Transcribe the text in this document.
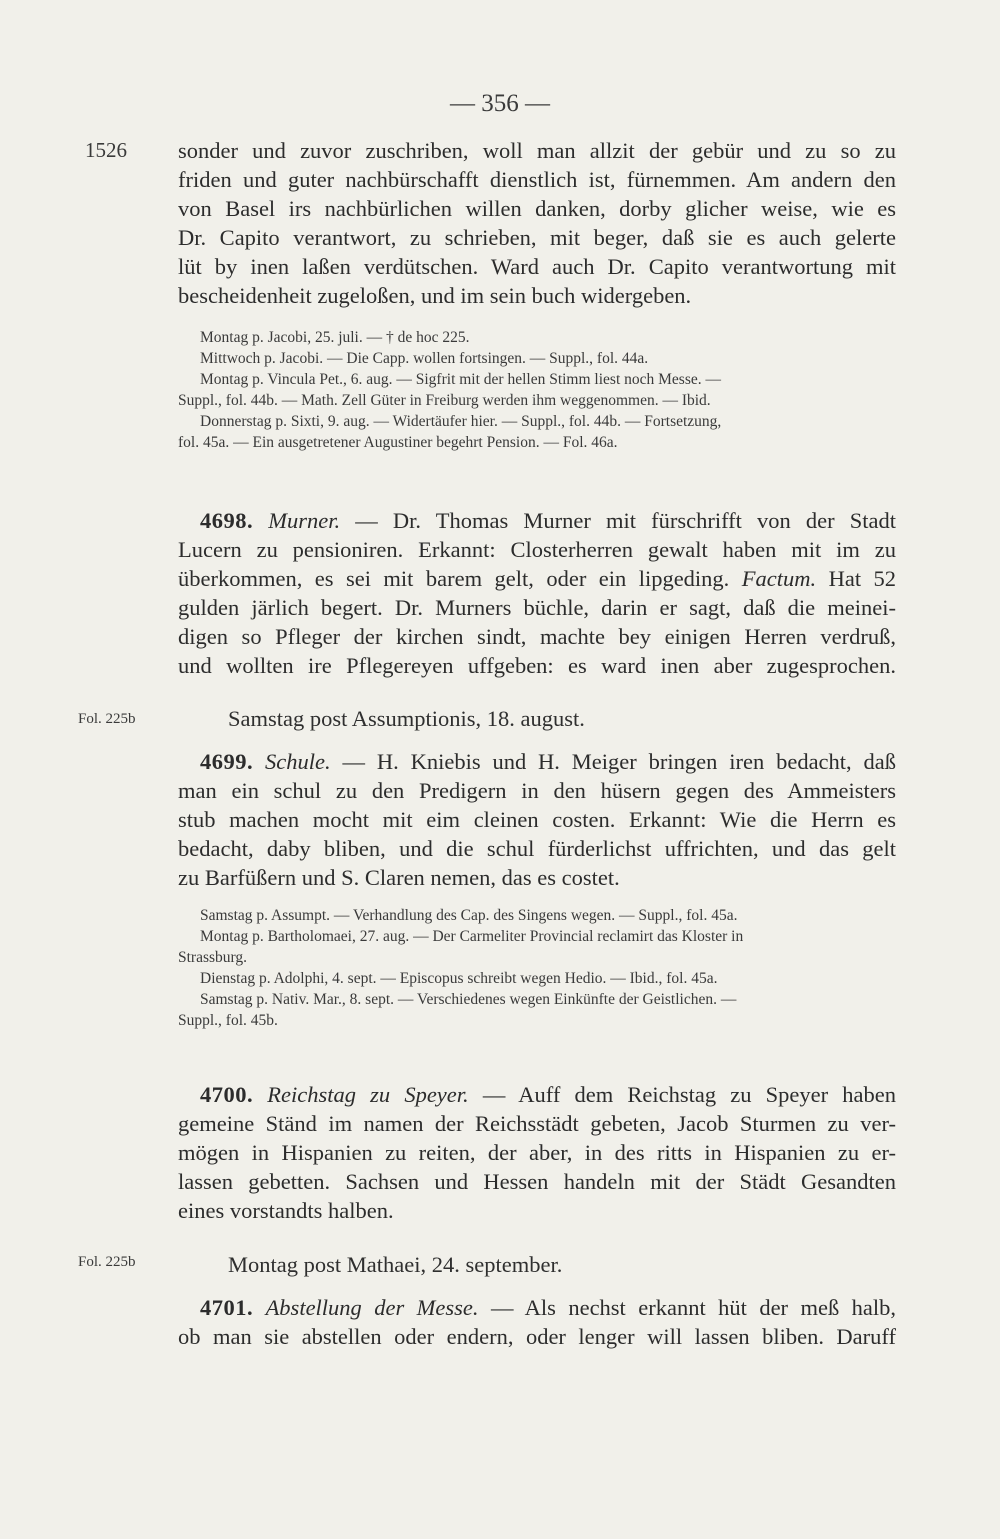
— 356 —
1526 sonder und zuvor zuschriben, woll man allzit der gebür und zu so zu
friden und guter nachbürschafft dienstlich ist, fürnemmen. Am andern den
von Basel irs nachbürlichen willen danken, dorby glicher weise, wie es
Dr. Capito verantwort, zu schrieben, mit beger, daß sie es auch gelerte
lüt by inen laßen verdütschen. Ward auch Dr. Capito verantwortung mit
bescheidenheit zugeloßen, und im sein buch widergeben.
Montag p. Jacobi, 25. juli. — † de hoc 225.
Mittwoch p. Jacobi. — Die Capp. wollen fortsingen. — Suppl., fol. 44a.
Montag p. Vincula Pet., 6. aug. — Sigfrit mit der hellen Stimm liest noch Messe. —
Suppl., fol. 44b. — Math. Zell Güter in Freiburg werden ihm weggenommen. — Ibid.
Donnerstag p. Sixti, 9. aug. — Widertäufer hier. — Suppl., fol. 44b. — Fortsetzung,
fol. 45a. — Ein ausgetretener Augustiner begehrt Pension. — Fol. 46a.
4698. Murner. — Dr. Thomas Murner mit fürschrifft von der Stadt
Lucern zu pensioniren. Erkannt: Closterherren gewalt haben mit im zu
überkommen, es sei mit barem gelt, oder ein lipgeding. Factum. Hat 52
gulden järlich begert. Dr. Murners büchle, darin er sagt, daß die meinei-
digen so Pfleger der kirchen sindt, machte bey einigen Herren verdruß,
und wollten ire Pflegereyen uffgeben: es ward inen aber zugesprochen.
Fol. 225b	Samstag post Assumptionis, 18. august.
4699. Schule. — H. Kniebis und H. Meiger bringen iren bedacht, daß
man ein schul zu den Predigern in den hüsern gegen des Ammeisters
stub machen mocht mit eim cleinen costen. Erkannt: Wie die Herrn es
bedacht, daby bliben, und die schul fürderlichst uffrichten, und das gelt
zu Barfüßern und S. Claren nemen, das es costet.
Samstag p. Assumpt. — Verhandlung des Cap. des Singens wegen. — Suppl., fol. 45a.
Montag p. Bartholomaei, 27. aug. — Der Carmeliter Provincial reclamirt das Kloster in
Strassburg.
Dienstag p. Adolphi, 4. sept. — Episcopus schreibt wegen Hedio. — Ibid., fol. 45a.
Samstag p. Nativ. Mar., 8. sept. — Verschiedenes wegen Einkünfte der Geistlichen. —
Suppl., fol. 45b.
4700. Reichstag zu Speyer. — Auff dem Reichstag zu Speyer haben
gemeine Ständ im namen der Reichsstädt gebeten, Jacob Sturmen zu ver-
mögen in Hispanien zu reiten, der aber, in des ritts in Hispanien zu er-
lassen gebetten. Sachsen und Hessen handeln mit der Städt Gesandten
eines vorstandts halben.
Fol. 225b	Montag post Mathaei, 24. september.
4701. Abstellung der Messe. — Als nechst erkannt hüt der meß halb,
ob man sie abstellen oder endern, oder lenger will lassen bliben. Daruff
